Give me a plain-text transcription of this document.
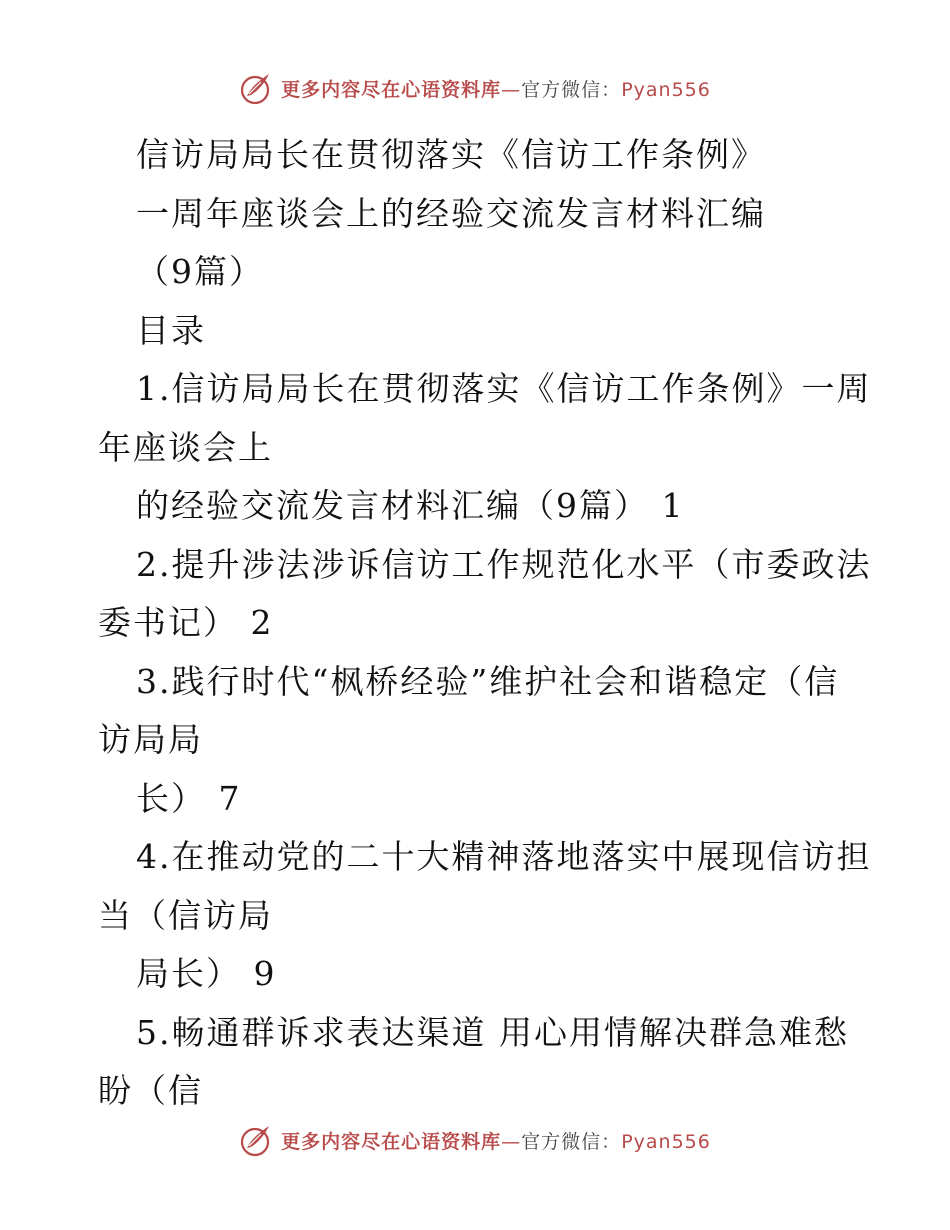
更多内容尽在心语资料库—官方微信：Pyan556
信访局局长在贯彻落实《信访工作条例》
一周年座谈会上的经验交流发言材料汇编
（9篇）
目录
1.信访局局长在贯彻落实《信访工作条例》一周
年座谈会上
的经验交流发言材料汇编（9篇） 1
2.提升涉法涉诉信访工作规范化水平（市委政法
委书记） 2
3.践行时代“枫桥经验”维护社会和谐稳定（信
访局局
长） 7
4.在推动党的二十大精神落地落实中展现信访担
当（信访局
局长） 9
5.畅通群诉求表达渠道 用心用情解决群急难愁
盼（信
更多内容尽在心语资料库—官方微信：Pyan556
